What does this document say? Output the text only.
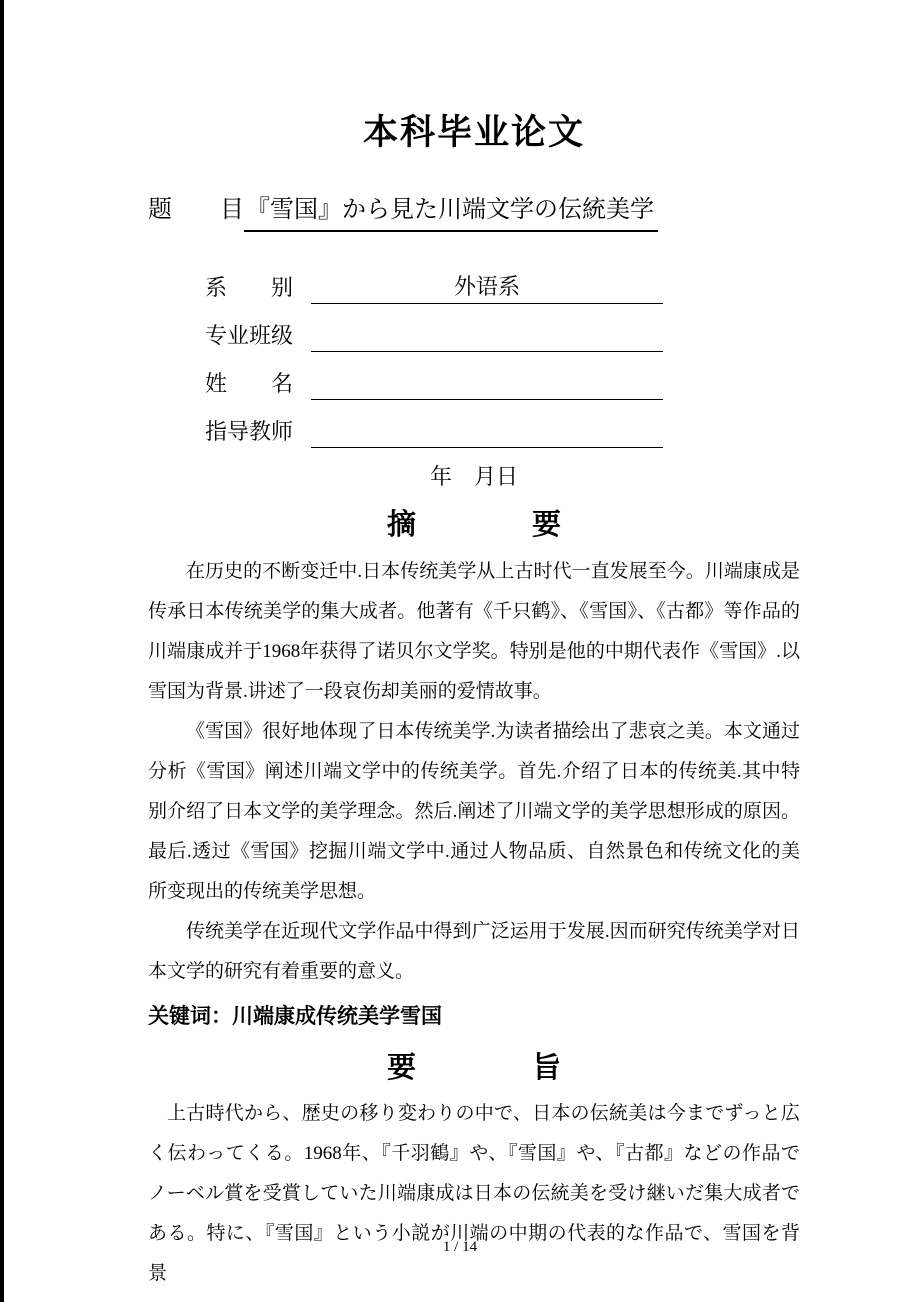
本科毕业论文
题　　目『雪国』から見た川端文学の伝統美学
系　　别	外语系
专业班级
姓　　名
指导教师
年　月日
摘　　　　要

在历史的不断变迁中.日本传统美学从上古时代一直发展至今。川端康成是传承日本传统美学的集大成者。他著有《千只鹤》、《雪国》、《古都》等作品的川端康成并于1968年获得了诺贝尔文学奖。特别是他的中期代表作《雪国》.以雪国为背景.讲述了一段哀伤却美丽的爱情故事。

《雪国》很好地体现了日本传统美学.为读者描绘出了悲哀之美。本文通过分析《雪国》阐述川端文学中的传统美学。首先.介绍了日本的传统美.其中特别介绍了日本文学的美学理念。然后.阐述了川端文学的美学思想形成的原因。最后.透过《雪国》挖掘川端文学中.通过人物品质、自然景色和传统文化的美所变现出的传统美学思想。

传统美学在近现代文学作品中得到广泛运用于发展.因而研究传统美学对日本文学的研究有着重要的意义。

关键词：川端康成传统美学雪国
要　　　　旨

上古時代から、歴史の移り変わりの中で、日本の伝統美は今までずっと広く伝わってくる。1968年、『千羽鶴』や、『雪国』や、『古都』などの作品でノーベル賞を受賞していた川端康成は日本の伝統美を受け継いだ集大成者である。特に、『雪国』という小説が川端の中期の代表的な作品で、雪国を背景

1 / 14
